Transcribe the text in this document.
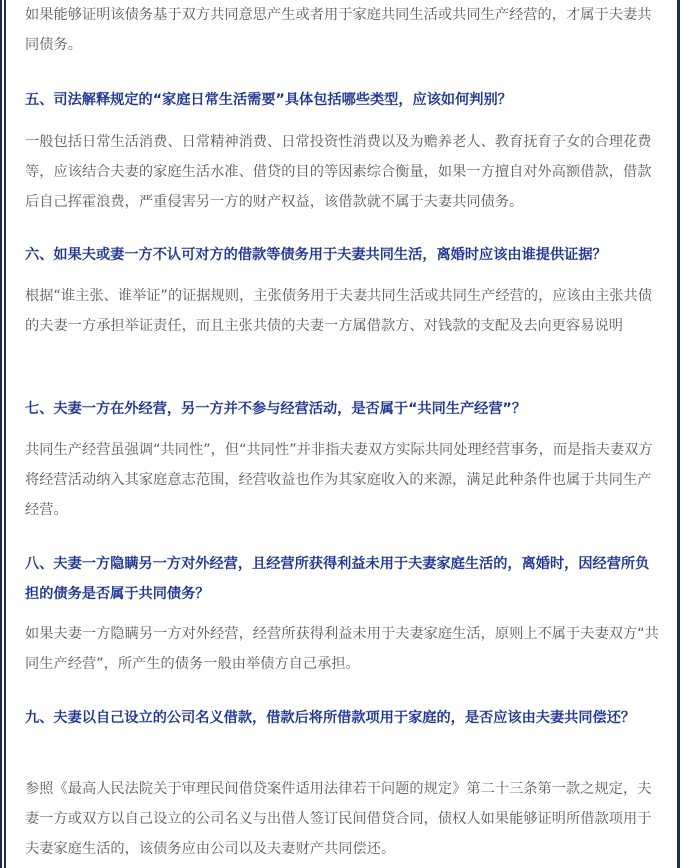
如果能够证明该债务基于双方共同意思产生或者用于家庭共同生活或共同生产经营的，才属于夫妻共同债务。

五、司法解释规定的“家庭日常生活需要”具体包括哪些类型，应该如何判别？

一般包括日常生活消费、日常精神消费、日常投资性消费以及为赡养老人、教育抚育子女的合理花费等，应该结合夫妻的家庭生活水准、借贷的目的等因素综合衡量，如果一方擅自对外高额借款，借款后自己挥霍浪费，严重侵害另一方的财产权益，该借款就不属于夫妻共同债务。

六、如果夫或妻一方不认可对方的借款等债务用于夫妻共同生活，离婚时应该由谁提供证据？

根据“谁主张、谁举证”的证据规则，主张债务用于夫妻共同生活或共同生产经营的，应该由主张共债的夫妻一方承担举证责任，而且主张共债的夫妻一方属借款方、对钱款的支配及去向更容易说明

七、夫妻一方在外经营，另一方并不参与经营活动，是否属于“共同生产经营”？

共同生产经营虽强调“共同性”，但“共同性”并非指夫妻双方实际共同处理经营事务，而是指夫妻双方将经营活动纳入其家庭意志范围，经营收益也作为其家庭收入的来源，满足此种条件也属于共同生产经营。

八、夫妻一方隐瞒另一方对外经营，且经营所获得利益未用于夫妻家庭生活的，离婚时，因经营所负担的债务是否属于共同债务？

如果夫妻一方隐瞒另一方对外经营，经营所获得利益未用于夫妻家庭生活，原则上不属于夫妻双方“共同生产经营”，所产生的债务一般由举债方自己承担。

九、夫妻以自己设立的公司名义借款，借款后将所借款项用于家庭的，是否应该由夫妻共同偿还？

参照《最高人民法院关于审理民间借贷案件适用法律若干问题的规定》第二十三条第一款之规定，夫妻一方或双方以自己设立的公司名义与出借人签订民间借贷合同，债权人如果能够证明所借款项用于夫妻家庭生活的，该债务应由公司以及夫妻财产共同偿还。
